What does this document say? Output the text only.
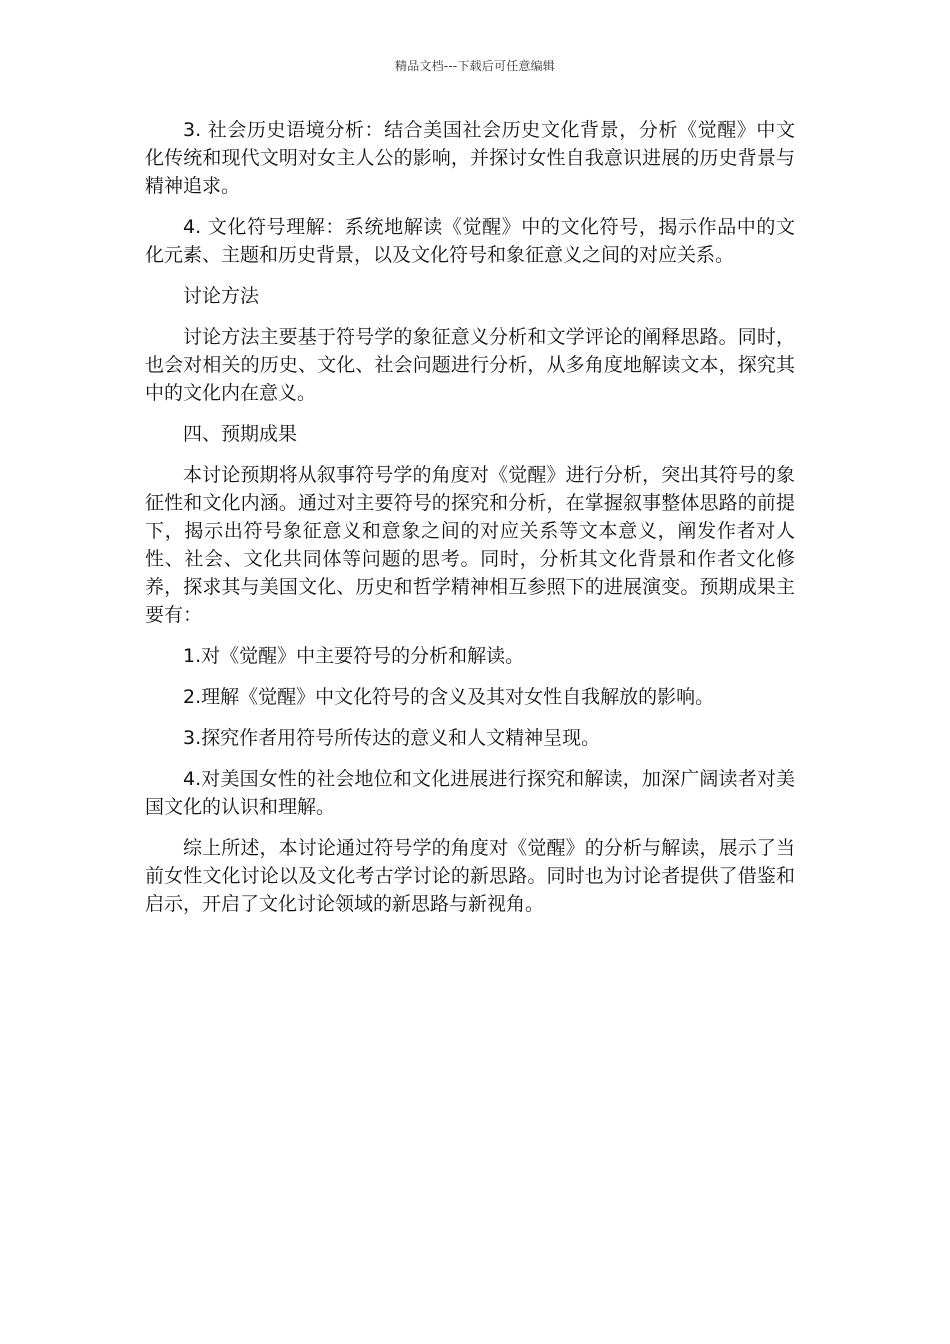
精品文档---下载后可任意编辑

3. 社会历史语境分析：结合美国社会历史文化背景，分析《觉醒》中文化传统和现代文明对女主人公的影响，并探讨女性自我意识进展的历史背景与精神追求。

4. 文化符号理解：系统地解读《觉醒》中的文化符号，揭示作品中的文化元素、主题和历史背景，以及文化符号和象征意义之间的对应关系。

讨论方法

讨论方法主要基于符号学的象征意义分析和文学评论的阐释思路。同时，也会对相关的历史、文化、社会问题进行分析，从多角度地解读文本，探究其中的文化内在意义。

四、预期成果

本讨论预期将从叙事符号学的角度对《觉醒》进行分析，突出其符号的象征性和文化内涵。通过对主要符号的探究和分析，在掌握叙事整体思路的前提下，揭示出符号象征意义和意象之间的对应关系等文本意义，阐发作者对人性、社会、文化共同体等问题的思考。同时，分析其文化背景和作者文化修养，探求其与美国文化、历史和哲学精神相互参照下的进展演变。预期成果主要有：

1.对《觉醒》中主要符号的分析和解读。

2.理解《觉醒》中文化符号的含义及其对女性自我解放的影响。

3.探究作者用符号所传达的意义和人文精神呈现。

4.对美国女性的社会地位和文化进展进行探究和解读，加深广阔读者对美国文化的认识和理解。

综上所述，本讨论通过符号学的角度对《觉醒》的分析与解读，展示了当前女性文化讨论以及文化考古学讨论的新思路。同时也为讨论者提供了借鉴和启示，开启了文化讨论领域的新思路与新视角。
